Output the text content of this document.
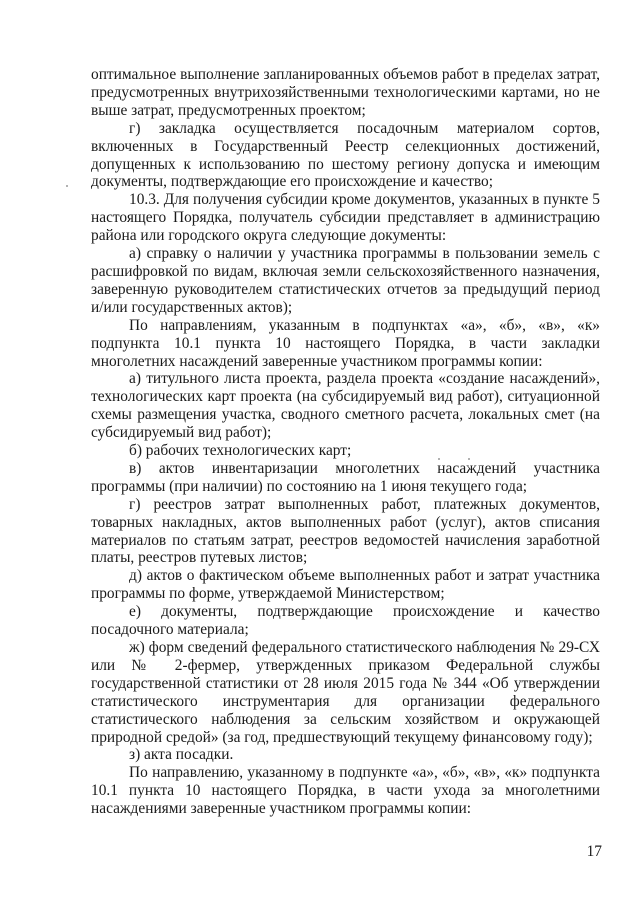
оптимальное выполнение запланированных объемов работ в пределах затрат, предусмотренных внутрихозяйственными технологическими картами, но не выше затрат, предусмотренных проектом;

г) закладка осуществляется посадочным материалом сортов, включенных в Государственный Реестр селекционных достижений, допущенных к использованию по шестому региону допуска и имеющим документы, подтверждающие его происхождение и качество;

10.3. Для получения субсидии кроме документов, указанных в пункте 5 настоящего Порядка, получатель субсидии представляет в администрацию района или городского округа следующие документы:

а) справку о наличии у участника программы в пользовании земель с расшифровкой по видам, включая земли сельскохозяйственного назначения, заверенную руководителем статистических отчетов за предыдущий период и/или государственных актов);

По направлениям, указанным в подпунктах «а», «б», «в», «к» подпункта 10.1 пункта 10 настоящего Порядка, в части закладки многолетних насаждений заверенные участником программы копии:

а) титульного листа проекта, раздела проекта «создание насаждений», технологических карт проекта (на субсидируемый вид работ), ситуационной схемы размещения участка, сводного сметного расчета, локальных смет (на субсидируемый вид работ);

б) рабочих технологических карт;

в) актов инвентаризации многолетних насаждений участника программы (при наличии) по состоянию на 1 июня текущего года;

г) реестров затрат выполненных работ, платежных документов, товарных накладных, актов выполненных работ (услуг), актов списания материалов по статьям затрат, реестров ведомостей начисления заработной платы, реестров путевых листов;

д) актов о фактическом объеме выполненных работ и затрат участника программы по форме, утверждаемой Министерством;

е) документы, подтверждающие происхождение и качество посадочного материала;

ж) форм сведений федерального статистического наблюдения № 29-СХ или № 2-фермер, утвержденных приказом Федеральной службы государственной статистики от 28 июля 2015 года № 344 «Об утверждении статистического инструментария для организации федерального статистического наблюдения за сельским хозяйством и окружающей природной средой» (за год, предшествующий текущему финансовому году);

з) акта посадки.

По направлению, указанному в подпункте «а», «б», «в», «к» подпункта 10.1 пункта 10 настоящего Порядка, в части ухода за многолетними насаждениями заверенные участником программы копии:

17
